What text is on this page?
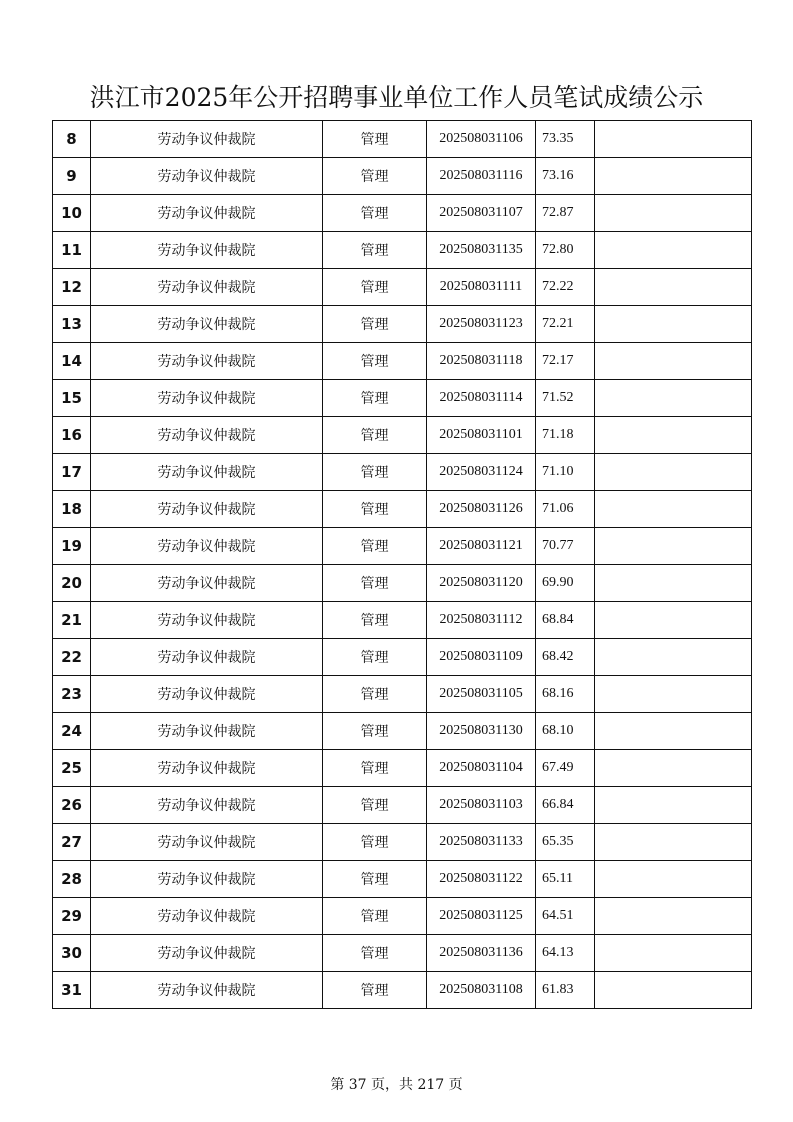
洪江市2025年公开招聘事业单位工作人员笔试成绩公示
8	劳动争议仲裁院	管理	202508031106	73.35	
9	劳动争议仲裁院	管理	202508031116	73.16	
10	劳动争议仲裁院	管理	202508031107	72.87	
11	劳动争议仲裁院	管理	202508031135	72.80	
12	劳动争议仲裁院	管理	202508031111	72.22	
13	劳动争议仲裁院	管理	202508031123	72.21	
14	劳动争议仲裁院	管理	202508031118	72.17	
15	劳动争议仲裁院	管理	202508031114	71.52	
16	劳动争议仲裁院	管理	202508031101	71.18	
17	劳动争议仲裁院	管理	202508031124	71.10	
18	劳动争议仲裁院	管理	202508031126	71.06	
19	劳动争议仲裁院	管理	202508031121	70.77	
20	劳动争议仲裁院	管理	202508031120	69.90	
21	劳动争议仲裁院	管理	202508031112	68.84	
22	劳动争议仲裁院	管理	202508031109	68.42	
23	劳动争议仲裁院	管理	202508031105	68.16	
24	劳动争议仲裁院	管理	202508031130	68.10	
25	劳动争议仲裁院	管理	202508031104	67.49	
26	劳动争议仲裁院	管理	202508031103	66.84	
27	劳动争议仲裁院	管理	202508031133	65.35	
28	劳动争议仲裁院	管理	202508031122	65.11	
29	劳动争议仲裁院	管理	202508031125	64.51	
30	劳动争议仲裁院	管理	202508031136	64.13	
31	劳动争议仲裁院	管理	202508031108	61.83	
第 37 页，共 217 页
